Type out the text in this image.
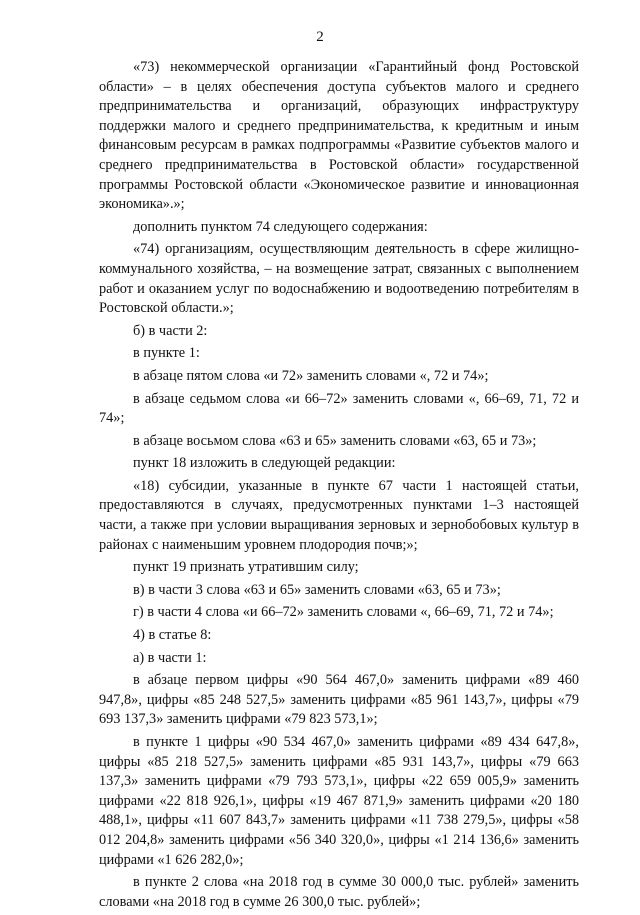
2

«73) некоммерческой организации «Гарантийный фонд Ростовской области» – в целях обеспечения доступа субъектов малого и среднего предпринимательства и организаций, образующих инфраструктуру поддержки малого и среднего предпринимательства, к кредитным и иным финансовым ресурсам в рамках подпрограммы «Развитие субъектов малого и среднего предпринимательства в Ростовской области» государственной программы Ростовской области «Экономическое развитие и инновационная экономика».»;

дополнить пунктом 74 следующего содержания:

«74) организациям, осуществляющим деятельность в сфере жилищно-коммунального хозяйства, – на возмещение затрат, связанных с выполнением работ и оказанием услуг по водоснабжению и водоотведению потребителям в Ростовской области.»;

б) в части 2:

в пункте 1:

в абзаце пятом слова «и 72» заменить словами «, 72 и 74»;

в абзаце седьмом слова «и 66–72» заменить словами «, 66–69, 71, 72 и 74»;

в абзаце восьмом слова «63 и 65» заменить словами «63, 65 и 73»;

пункт 18 изложить в следующей редакции:

«18) субсидии, указанные в пункте 67 части 1 настоящей статьи, предоставляются в случаях, предусмотренных пунктами 1–3 настоящей части, а также при условии выращивания зерновых и зернобобовых культур в районах с наименьшим уровнем плодородия почв;»;

пункт 19 признать утратившим силу;

в) в части 3 слова «63 и 65» заменить словами «63, 65 и 73»;

г) в части 4 слова «и 66–72» заменить словами «, 66–69, 71, 72 и 74»;

4) в статье 8:

а) в части 1:

в абзаце первом цифры «90 564 467,0» заменить цифрами «89 460 947,8», цифры «85 248 527,5» заменить цифрами «85 961 143,7», цифры «79 693 137,3» заменить цифрами «79 823 573,1»;

в пункте 1 цифры «90 534 467,0» заменить цифрами «89 434 647,8», цифры «85 218 527,5» заменить цифрами «85 931 143,7», цифры «79 663 137,3» заменить цифрами «79 793 573,1», цифры «22 659 005,9» заменить цифрами «22 818 926,1», цифры «19 467 871,9» заменить цифрами «20 180 488,1», цифры «11 607 843,7» заменить цифрами «11 738 279,5», цифры «58 012 204,8» заменить цифрами «56 340 320,0», цифры «1 214 136,6» заменить цифрами «1 626 282,0»;

в пункте 2 слова «на 2018 год в сумме 30 000,0 тыс. рублей» заменить словами «на 2018 год в сумме 26 300,0 тыс. рублей»;
